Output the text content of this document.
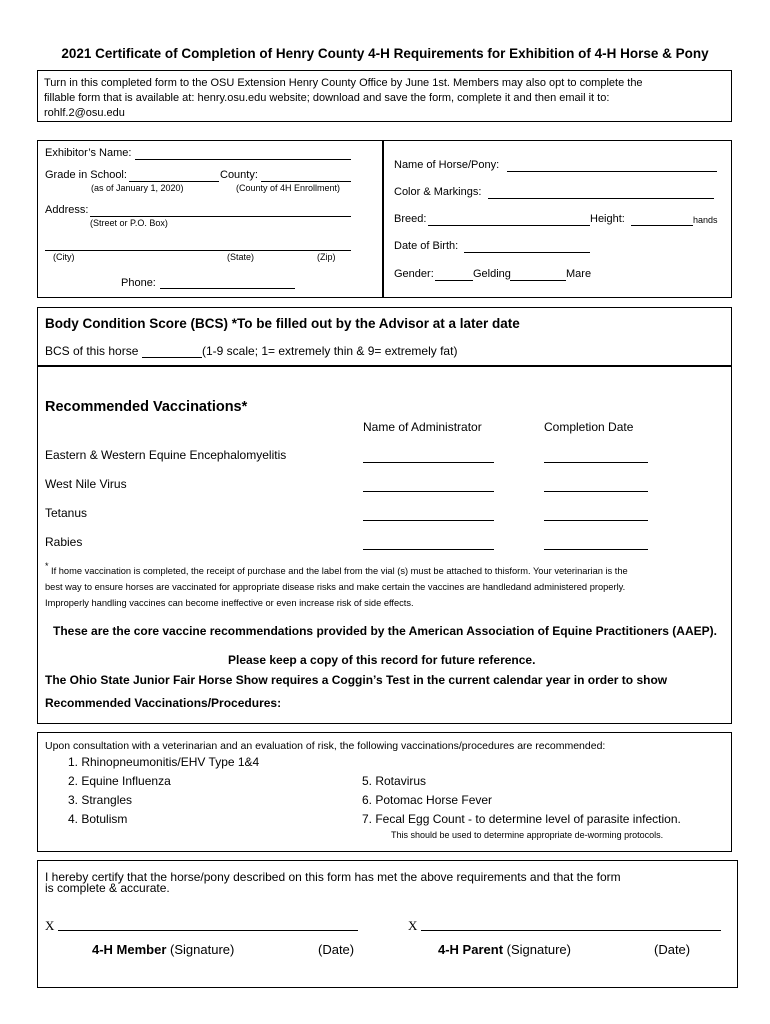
2021 Certificate of Completion of Henry County 4-H Requirements for Exhibition of 4-H Horse & Pony
Turn in this completed form to the OSU Extension Henry County Office by June 1st. Members may also opt to complete the
fillable form that is available at: henry.osu.edu website; download and save the form, complete it and then email it to:
rohlf.2@osu.edu
Exhibitor’s Name:
Grade in School:	County:
(as of January 1, 2020)	(County of 4H Enrollment)
Address:
(Street or P.O. Box)
(City)	(State)	(Zip)
Phone:
Name of Horse/Pony:
Color & Markings:
Breed:	Height:	hands
Date of Birth:
Gender:	Gelding	Mare
Body Condition Score (BCS) *To be filled out by the Advisor at a later date
BCS of this horse	(1-9 scale; 1= extremely thin & 9= extremely fat)
Recommended Vaccinations*
Name of Administrator	Completion Date
Eastern & Western Equine Encephalomyelitis
West Nile Virus
Tetanus
Rabies
* If home vaccination is completed, the receipt of purchase and the label from the vial (s) must be attached to thisform. Your veterinarian is the
best way to ensure horses are vaccinated for appropriate disease risks and make certain the vaccines are handledand administered properly.
Improperly handling vaccines can become ineffective or even increase risk of side effects.
These are the core vaccine recommendations provided by the American Association of Equine Practitioners (AAEP).
Please keep a copy of this record for future reference.
The Ohio State Junior Fair Horse Show requires a Coggin’s Test in the current calendar year in order to show
Recommended Vaccinations/Procedures:
Upon consultation with a veterinarian and an evaluation of risk, the following vaccinations/procedures are recommended:
1. Rhinopneumonitis/EHV Type 1&4
2. Equine Influenza
3. Strangles
4. Botulism
5. Rotavirus
6. Potomac Horse Fever
7. Fecal Egg Count - to determine level of parasite infection.
This should be used to determine appropriate de-worming protocols.
I hereby certify that the horse/pony described on this form has met the above requirements and that the form
is complete & accurate.
X	X
4-H Member (Signature)	(Date)	4-H Parent (Signature)	(Date)
